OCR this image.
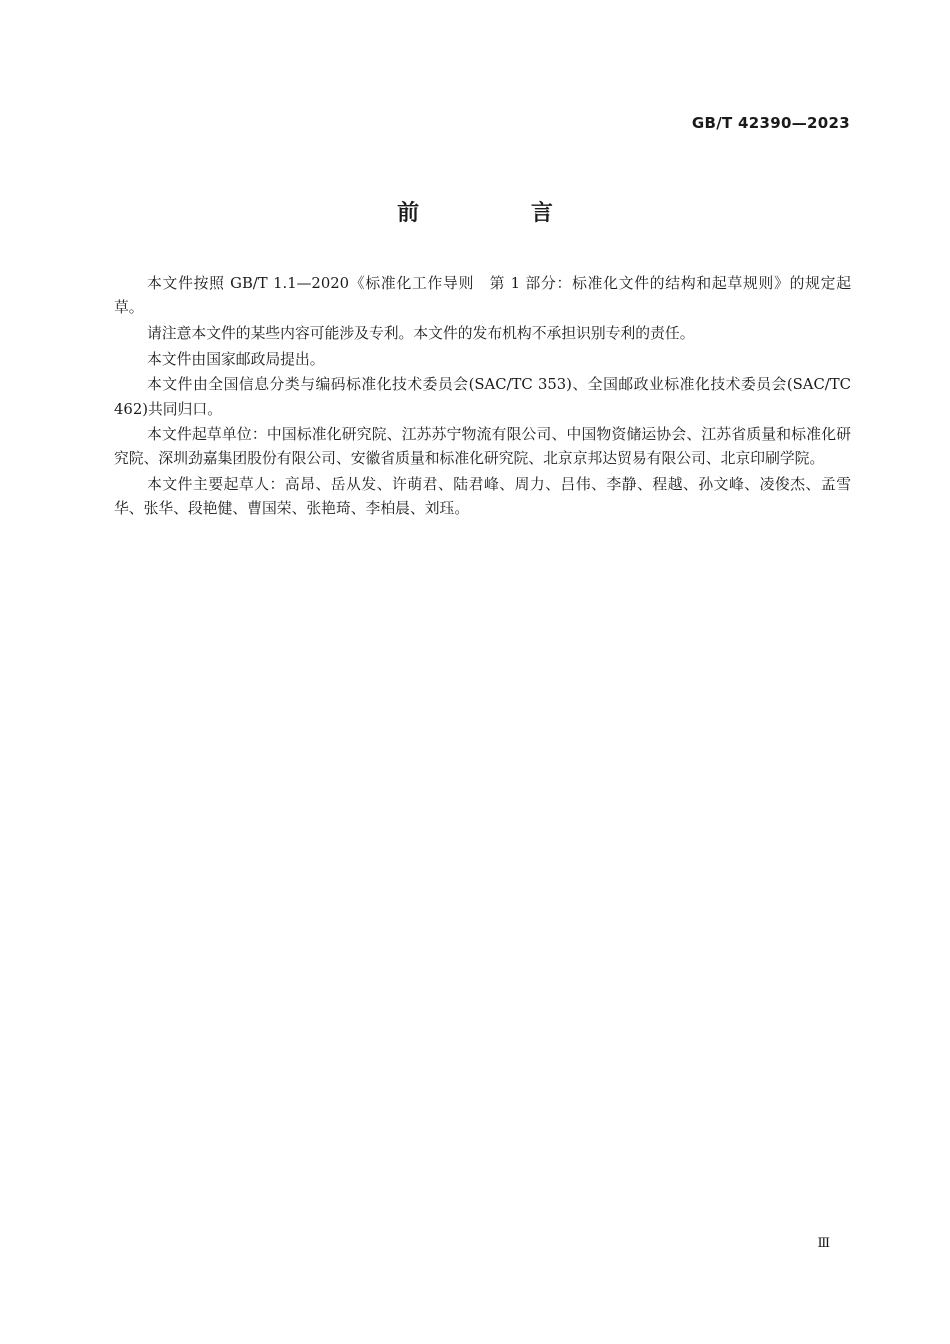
GB/T 42390—2023
前 言

本文件按照 GB/T 1.1—2020《标准化工作导则　第 1 部分：标准化文件的结构和起草规则》的规定起草。

请注意本文件的某些内容可能涉及专利。本文件的发布机构不承担识别专利的责任。

本文件由国家邮政局提出。

本文件由全国信息分类与编码标准化技术委员会(SAC/TC 353)、全国邮政业标准化技术委员会(SAC/TC 462)共同归口。

本文件起草单位：中国标准化研究院、江苏苏宁物流有限公司、中国物资储运协会、江苏省质量和标准化研究院、深圳劲嘉集团股份有限公司、安徽省质量和标准化研究院、北京京邦达贸易有限公司、北京印刷学院。

本文件主要起草人：高昂、岳从发、许萌君、陆君峰、周力、吕伟、李静、程越、孙文峰、凌俊杰、孟雪华、张华、段艳健、曹国荣、张艳琦、李柏晨、刘珏。

Ⅲ
